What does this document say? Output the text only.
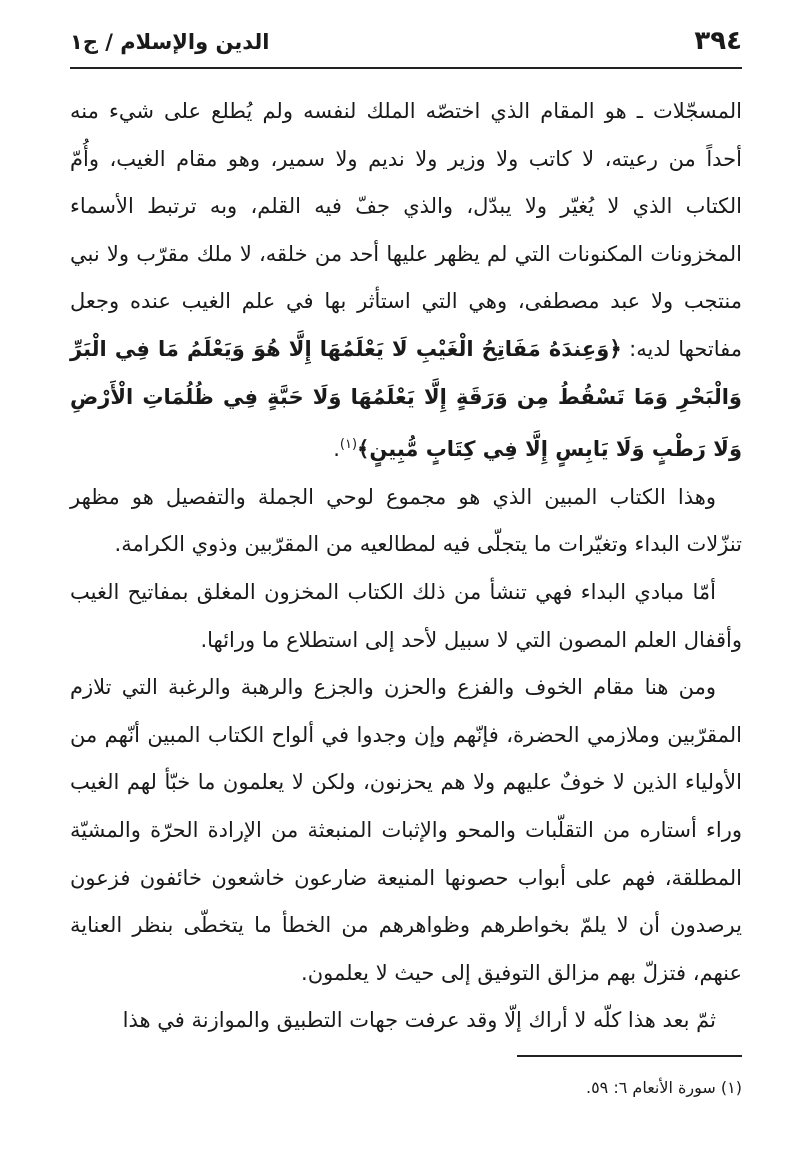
٣٩٤
الدين والإسلام / ج١

المسجّلات ـ هو المقام الذي اختصّه الملك لنفسه ولم يُطلع على شيء منه أحداً من رعيته، لا كاتب ولا وزير ولا نديم ولا سمير، وهو مقام الغيب، وأُمّ الكتاب الذي لا يُغيّر ولا يبدّل، والذي جفّ فيه القلم، وبه ترتبط الأسماء المخزونات المكنونات التي لم يظهر عليها أحد من خلقه، لا ملك مقرّب ولا نبي منتجب ولا عبد مصطفى، وهي التي استأثر بها في علم الغيب عنده وجعل مفاتحها لديه: ﴿وَعِندَهُ مَفَاتِحُ الْغَيْبِ لَا يَعْلَمُهَا إِلَّا هُوَ وَيَعْلَمُ مَا فِي الْبَرِّ وَالْبَحْرِ وَمَا تَسْقُطُ مِن وَرَقَةٍ إِلَّا يَعْلَمُهَا وَلَا حَبَّةٍ فِي ظُلُمَاتِ الْأَرْضِ وَلَا رَطْبٍ وَلَا يَابِسٍ إِلَّا فِي كِتَابٍ مُّبِينٍ﴾$^{(١)}$.

وهذا الكتاب المبين الذي هو مجموع لوحي الجملة والتفصيل هو مظهر تنزّلات البداء وتغيّرات ما يتجلّى فيه لمطالعيه من المقرّبين وذوي الكرامة.

أمّا مبادي البداء فهي تنشأ من ذلك الكتاب المخزون المغلق بمفاتيح الغيب وأقفال العلم المصون التي لا سبيل لأحد إلى استطلاع ما ورائها.

ومن هنا مقام الخوف والفزع والحزن والجزع والرهبة والرغبة التي تلازم المقرّبين وملازمي الحضرة، فإنّهم وإن وجدوا في ألواح الكتاب المبين أنّهم من الأولياء الذين لا خوفٌ عليهم ولا هم يحزنون، ولكن لا يعلمون ما خبّأ لهم الغيب وراء أستاره من التقلّبات والمحو والإثبات المنبعثة من الإرادة الحرّة والمشيّة المطلقة، فهم على أبواب حصونها المنيعة ضارعون خاشعون خائفون فزعون يرصدون أن لا يلمّ بخواطرهم وظواهرهم من الخطأ ما يتخطّى بنظر العناية عنهم، فتزلّ بهم مزالق التوفيق إلى حيث لا يعلمون.

ثمّ بعد هذا كلّه لا أراك إلّا وقد عرفت جهات التطبيق والموازنة في هذا

(١) سورة الأنعام ٦: ٥٩.
